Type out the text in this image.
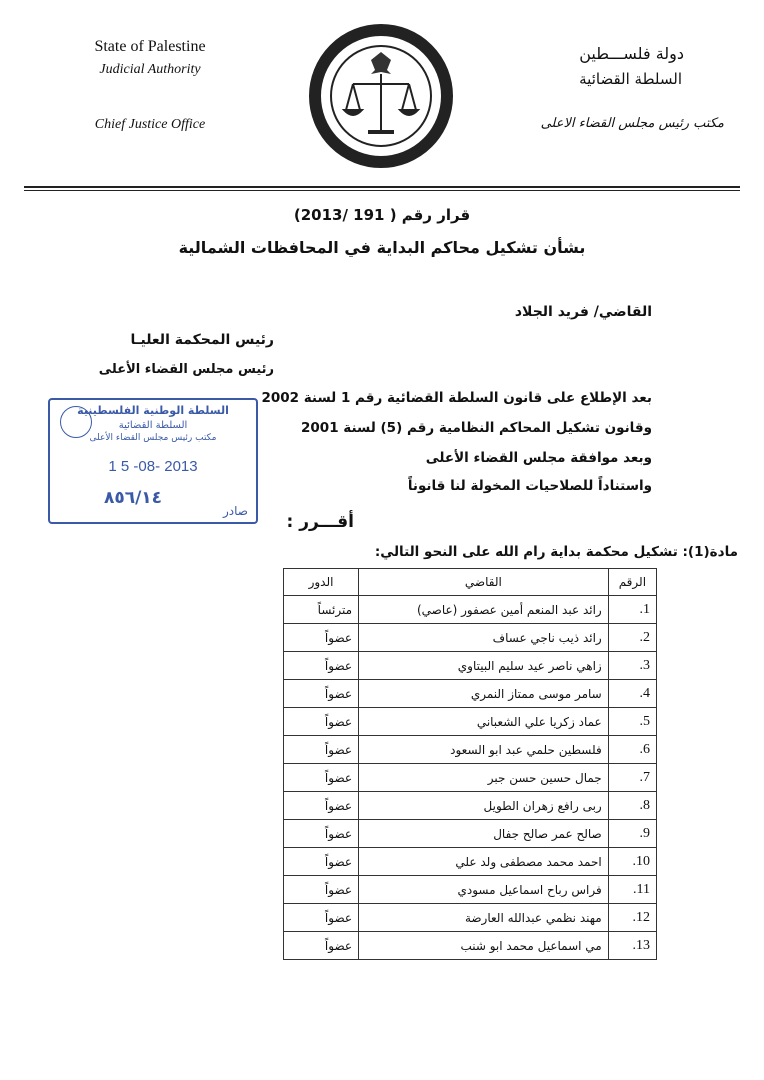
State of Palestine
Judicial Authority
Chief Justice Office
دولة فلســـطين
السلطة القضائية
مكتب رئيس مجلس القضاء الاعلى
قرار رقم ( 191 /2013)
بشأن تشكيل محاكم البداية في المحافظات الشمالية
القاضي/ فريد الجلاد
رئيس المحكمة العليـا
رئيس مجلس القضاء الأعلى
بعد الإطلاع على قانون السلطة القضائية رقم 1 لسنة 2002
وقانون تشكيل المحاكم النظامية رقم (5) لسنة 2001
وبعد موافقة مجلس القضاء الأعلى
واستناداً للصلاحيات المخولة لنا قانوناً
السلطة الوطنية الفلسطينية
السلطة القضائية
مكتب رئيس مجلس القضاء الأعلى
1 5 -08- 2013
٨٥٦/١٤
صادر
أقـــرر :
مادة(1): تشكيل محكمة بداية رام الله على النحو التالي:
الرقم	القاضي	الدور
1.	رائد عبد المنعم أمين عصفور (عاصي)	مترئساً
2.	رائد ذيب ناجي عساف	عضواً
3.	زاهي ناصر عيد سليم البيتاوي	عضواً
4.	سامر موسى ممتاز النمري	عضواً
5.	عماد زكريا علي الشعباني	عضواً
6.	فلسطين حلمي عبد ابو السعود	عضواً
7.	جمال حسين حسن جبر	عضواً
8.	ربى رافع زهران الطويل	عضواً
9.	صالح عمر صالح جفال	عضواً
10.	احمد محمد مصطفى ولد علي	عضواً
11.	فراس رباح اسماعيل مسودي	عضواً
12.	مهند نظمي عبدالله العارضة	عضواً
13.	مي اسماعيل محمد ابو شنب	عضواً
